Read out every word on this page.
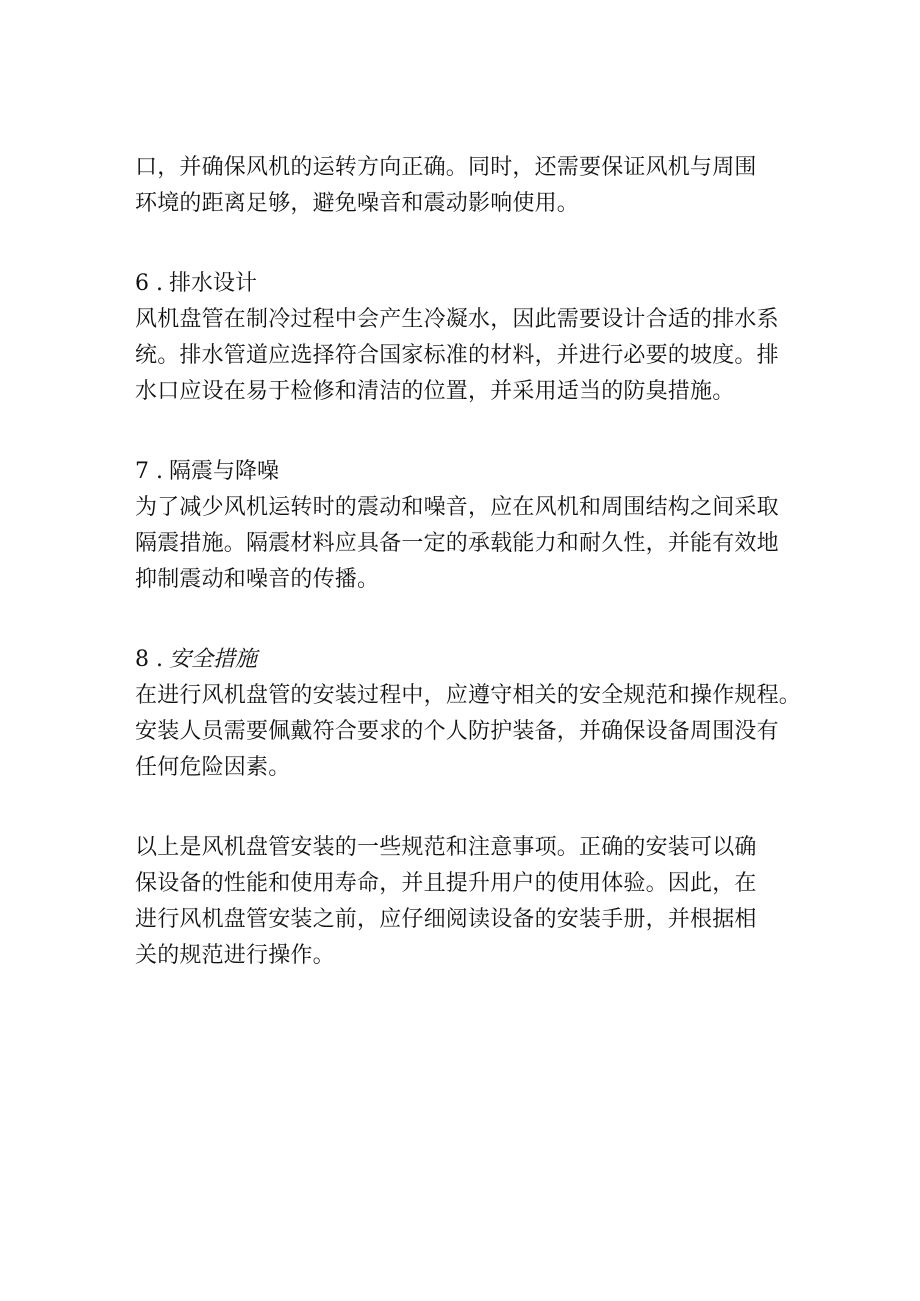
口，并确保风机的运转方向正确。同时，还需要保证风机与周围
环境的距离足够，避免噪音和震动影响使用。

6 . 排水设计

风机盘管在制冷过程中会产生冷凝水，因此需要设计合适的排水系
统。排水管道应选择符合国家标准的材料，并进行必要的坡度。排
水口应设在易于检修和清洁的位置，并采用适当的防臭措施。

7 . 隔震与降噪

为了减少风机运转时的震动和噪音，应在风机和周围结构之间采取
隔震措施。隔震材料应具备一定的承载能力和耐久性，并能有效地
抑制震动和噪音的传播。

8 . 安全措施

在进行风机盘管的安装过程中，应遵守相关的安全规范和操作规程。
安装人员需要佩戴符合要求的个人防护装备，并确保设备周围没有
任何危险因素。

以上是风机盘管安装的一些规范和注意事项。正确的安装可以确
保设备的性能和使用寿命，并且提升用户的使用体验。因此，在
进行风机盘管安装之前，应仔细阅读设备的安装手册，并根据相
关的规范进行操作。
